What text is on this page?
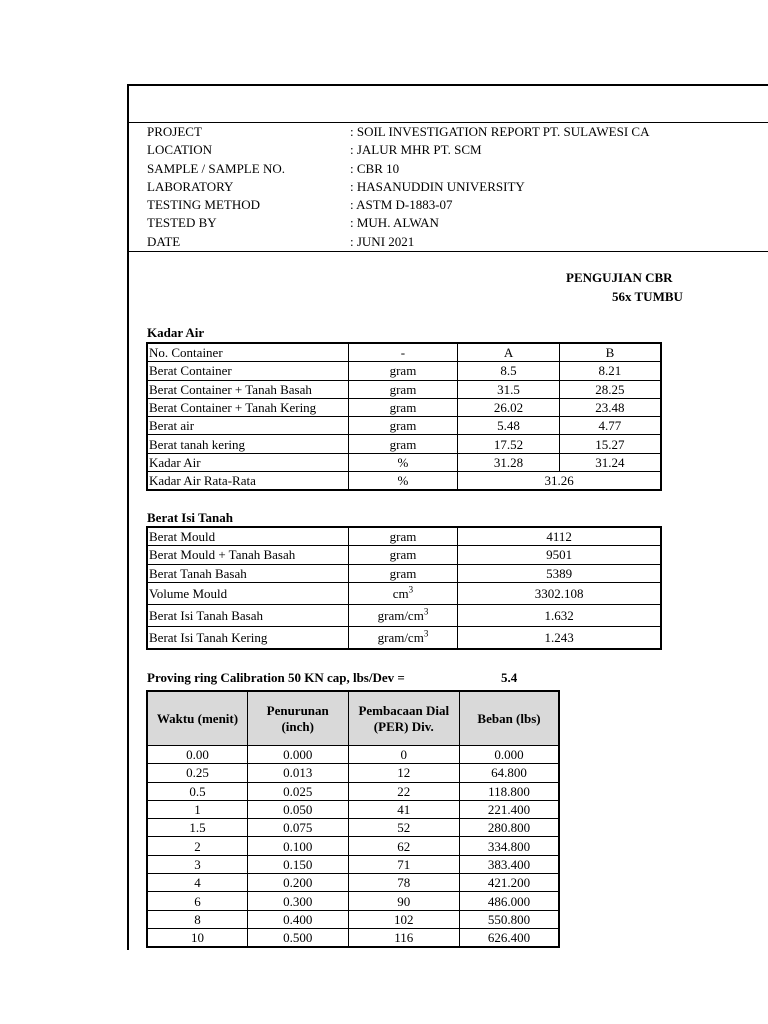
PROJECT	: SOIL INVESTIGATION REPORT PT. SULAWESI CA
LOCATION	: JALUR MHR PT. SCM
SAMPLE / SAMPLE NO.	: CBR 10
LABORATORY	: HASANUDDIN UNIVERSITY
TESTING METHOD	: ASTM D-1883-07
TESTED BY	: MUH. ALWAN
DATE	: JUNI 2021
PENGUJIAN CBR
56x TUMBU
Kadar Air
No. Container	-	A	B
Berat Container	gram	8.5	8.21
Berat Container + Tanah Basah	gram	31.5	28.25
Berat Container + Tanah Kering	gram	26.02	23.48
Berat air	gram	5.48	4.77
Berat tanah kering	gram	17.52	15.27
Kadar Air	%	31.28	31.24
Kadar Air Rata-Rata	%	31.26	
Berat Isi Tanah
Berat Mould	gram	4112
Berat Mould + Tanah Basah	gram	9501
Berat Tanah Basah	gram	5389
Volume Mould	$cm^3$	3302.108
Berat Isi Tanah Basah	gram/$cm^3$	1.632
Berat Isi Tanah Kering	gram/$cm^3$	1.243
Proving ring Calibration 50 KN cap, lbs/Dev =	5.4
Waktu (menit)	Penurunan (inch)	Pembacaan Dial (PER) Div.	Beban (lbs)
0.00	0.000	0	0.000
0.25	0.013	12	64.800
0.5	0.025	22	118.800
1	0.050	41	221.400
1.5	0.075	52	280.800
2	0.100	62	334.800
3	0.150	71	383.400
4	0.200	78	421.200
6	0.300	90	486.000
8	0.400	102	550.800
10	0.500	116	626.400
